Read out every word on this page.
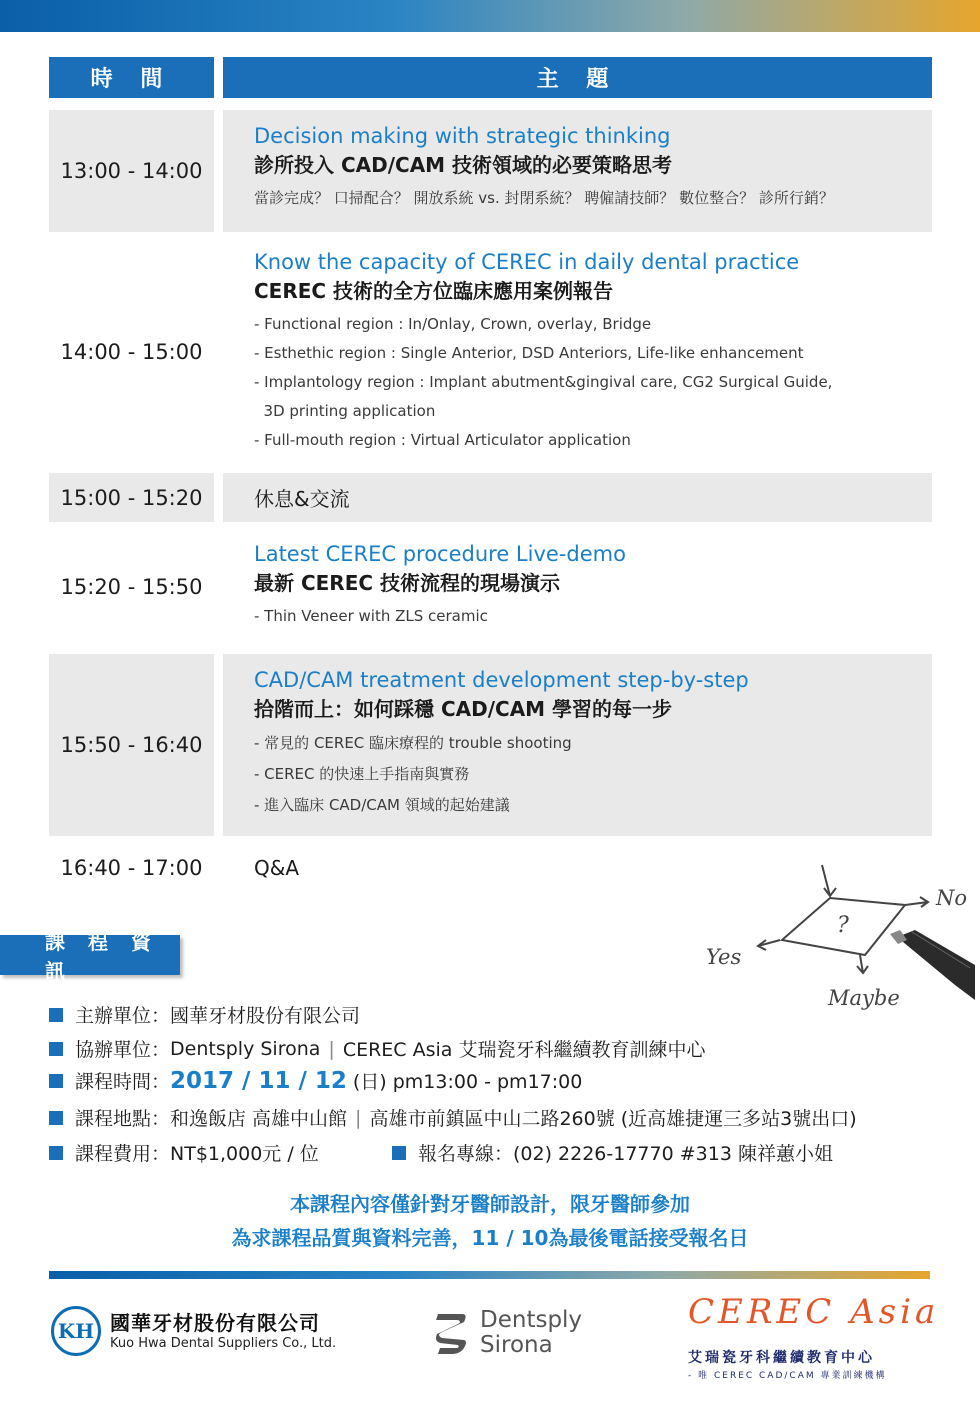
時 間	主 題
13:00 - 14:00
Decision making with strategic thinking
診所投入 CAD/CAM 技術領域的必要策略思考
當診完成？ 口掃配合？ 開放系統 vs. 封閉系統？ 聘僱請技師？ 數位整合？ 診所行銷？
14:00 - 15:00
Know the capacity of CEREC in daily dental practice
CEREC 技術的全方位臨床應用案例報告
- Functional region : In/Onlay, Crown, overlay, Bridge
- Esthethic region : Single Anterior, DSD Anteriors, Life-like enhancement
- Implantology region : Implant abutment&gingival care, CG2 Surgical Guide,
3D printing application
- Full-mouth region : Virtual Articulator application
15:00 - 15:20	休息&交流
15:20 - 15:50
Latest CEREC procedure Live-demo
最新 CEREC 技術流程的現場演示
- Thin Veneer with ZLS ceramic
15:50 - 16:40
CAD/CAM treatment development step-by-step
拾階而上：如何踩穩 CAD/CAM 學習的每一步
- 常見的 CEREC 臨床療程的 trouble shooting
- CEREC 的快速上手指南與實務
- 進入臨床 CAD/CAM 領域的起始建議
16:40 - 17:00	Q&A
?
Yes
No
Maybe
課 程 資 訊
主辦單位：國華牙材股份有限公司
協辦單位： Dentsply Sirona | CEREC Asia 艾瑞瓷牙科繼續教育訓練中心
課程時間： 2017 / 11 / 12 (日) pm13:00 - pm17:00
課程地點：和逸飯店 高雄中山館 | 高雄市前鎮區中山二路260號 (近高雄捷運三多站3號出口)
課程費用：NT$1,000元 / 位	報名專線：(02) 2226-17770 #313 陳祥蕙小姐
本課程內容僅針對牙醫師設計，限牙醫師參加
為求課程品質與資料完善，11 / 10為最後電話接受報名日
KH 國華牙材股份有限公司
Kuo Hwa Dental Suppliers Co., Ltd.
Dentsply
Sirona
CEREC Asia
艾瑞瓷牙科繼續教育中心
- 唯 CEREC CAD/CAM 專業訓練機構
